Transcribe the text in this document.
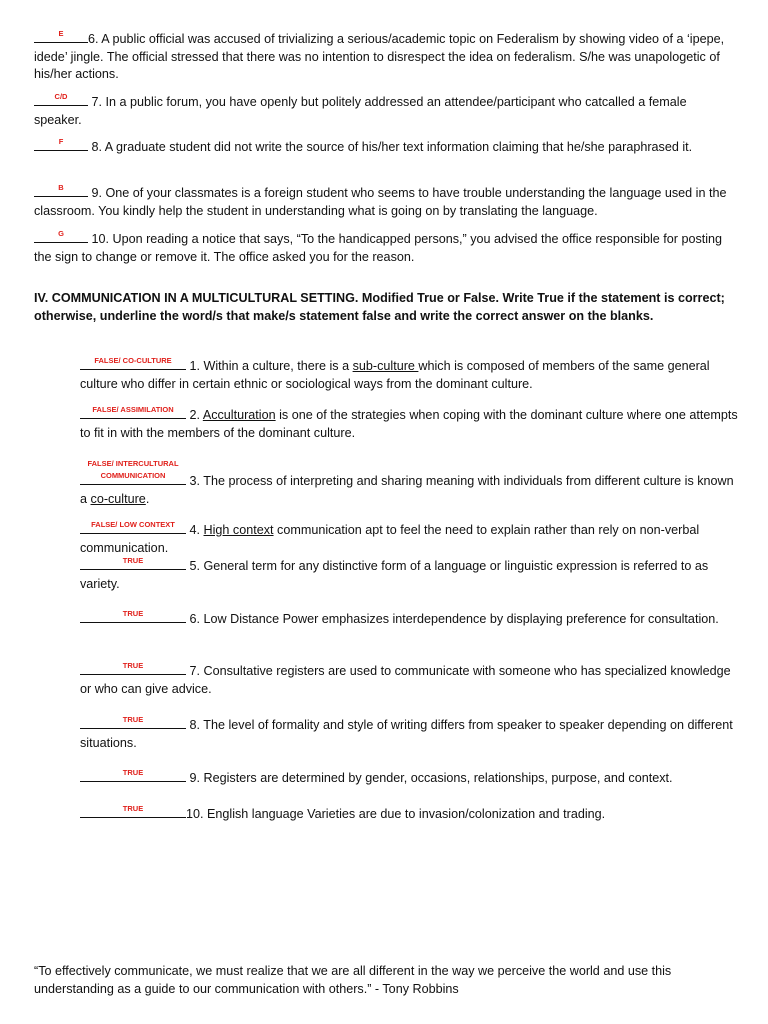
E	6. A public official was accused of trivializing a serious/academic topic on Federalism by showing video of a ‘ipepe, idede’ jingle. The official stressed that there was no intention to disrespect the idea on federalism. S/he was unapologetic of his/her actions.

C/D	7. In a public forum, you have openly but politely addressed an attendee/participant who catcalled a female speaker.

F	8. A graduate student did not write the source of his/her text information claiming that he/she paraphrased it.

B	9. One of your classmates is a foreign student who seems to have trouble understanding the language used in the classroom. You kindly help the student in understanding what is going on by translating the language.

G	10. Upon reading a notice that says, “To the handicapped persons,” you advised the office responsible for posting the sign to change or remove it. The office asked you for the reason.

IV. COMMUNICATION IN A MULTICULTURAL SETTING. Modified True or False. Write True if the statement is correct; otherwise, underline the word/s that make/s statement false and write the correct answer on the blanks.

FALSE/ CO-CULTURE	1. Within a culture, there is a sub-culture which is composed of members of the same general culture who differ in certain ethnic or sociological ways from the dominant culture.

FALSE/ ASSIMILATION 2. Acculturation is one of the strategies when coping with the dominant culture where one attempts to fit in with the members of the dominant culture.

FALSE/ INTERCULTURAL COMMUNICATION	3. The process of interpreting and sharing meaning with individuals from different culture is known a co-culture.

FALSE/ LOW CONTEXT 4. High context communication apt to feel the need to explain rather than rely on non-verbal communication.

TRUE	5. General term for any distinctive form of a language or linguistic expression is referred to as variety.

TRUE	6. Low Distance Power emphasizes interdependence by displaying preference for consultation.

TRUE	7. Consultative registers are used to communicate with someone who has specialized knowledge or who can give advice.

TRUE	8. The level of formality and style of writing differs from speaker to speaker depending on different situations.

TRUE	9. Registers are determined by gender, occasions, relationships, purpose, and context.

TRUE	10. English language Varieties are due to invasion/colonization and trading.

“To effectively communicate, we must realize that we are all different in the way we perceive the world and use this understanding as a guide to our communication with others.” - Tony Robbins
